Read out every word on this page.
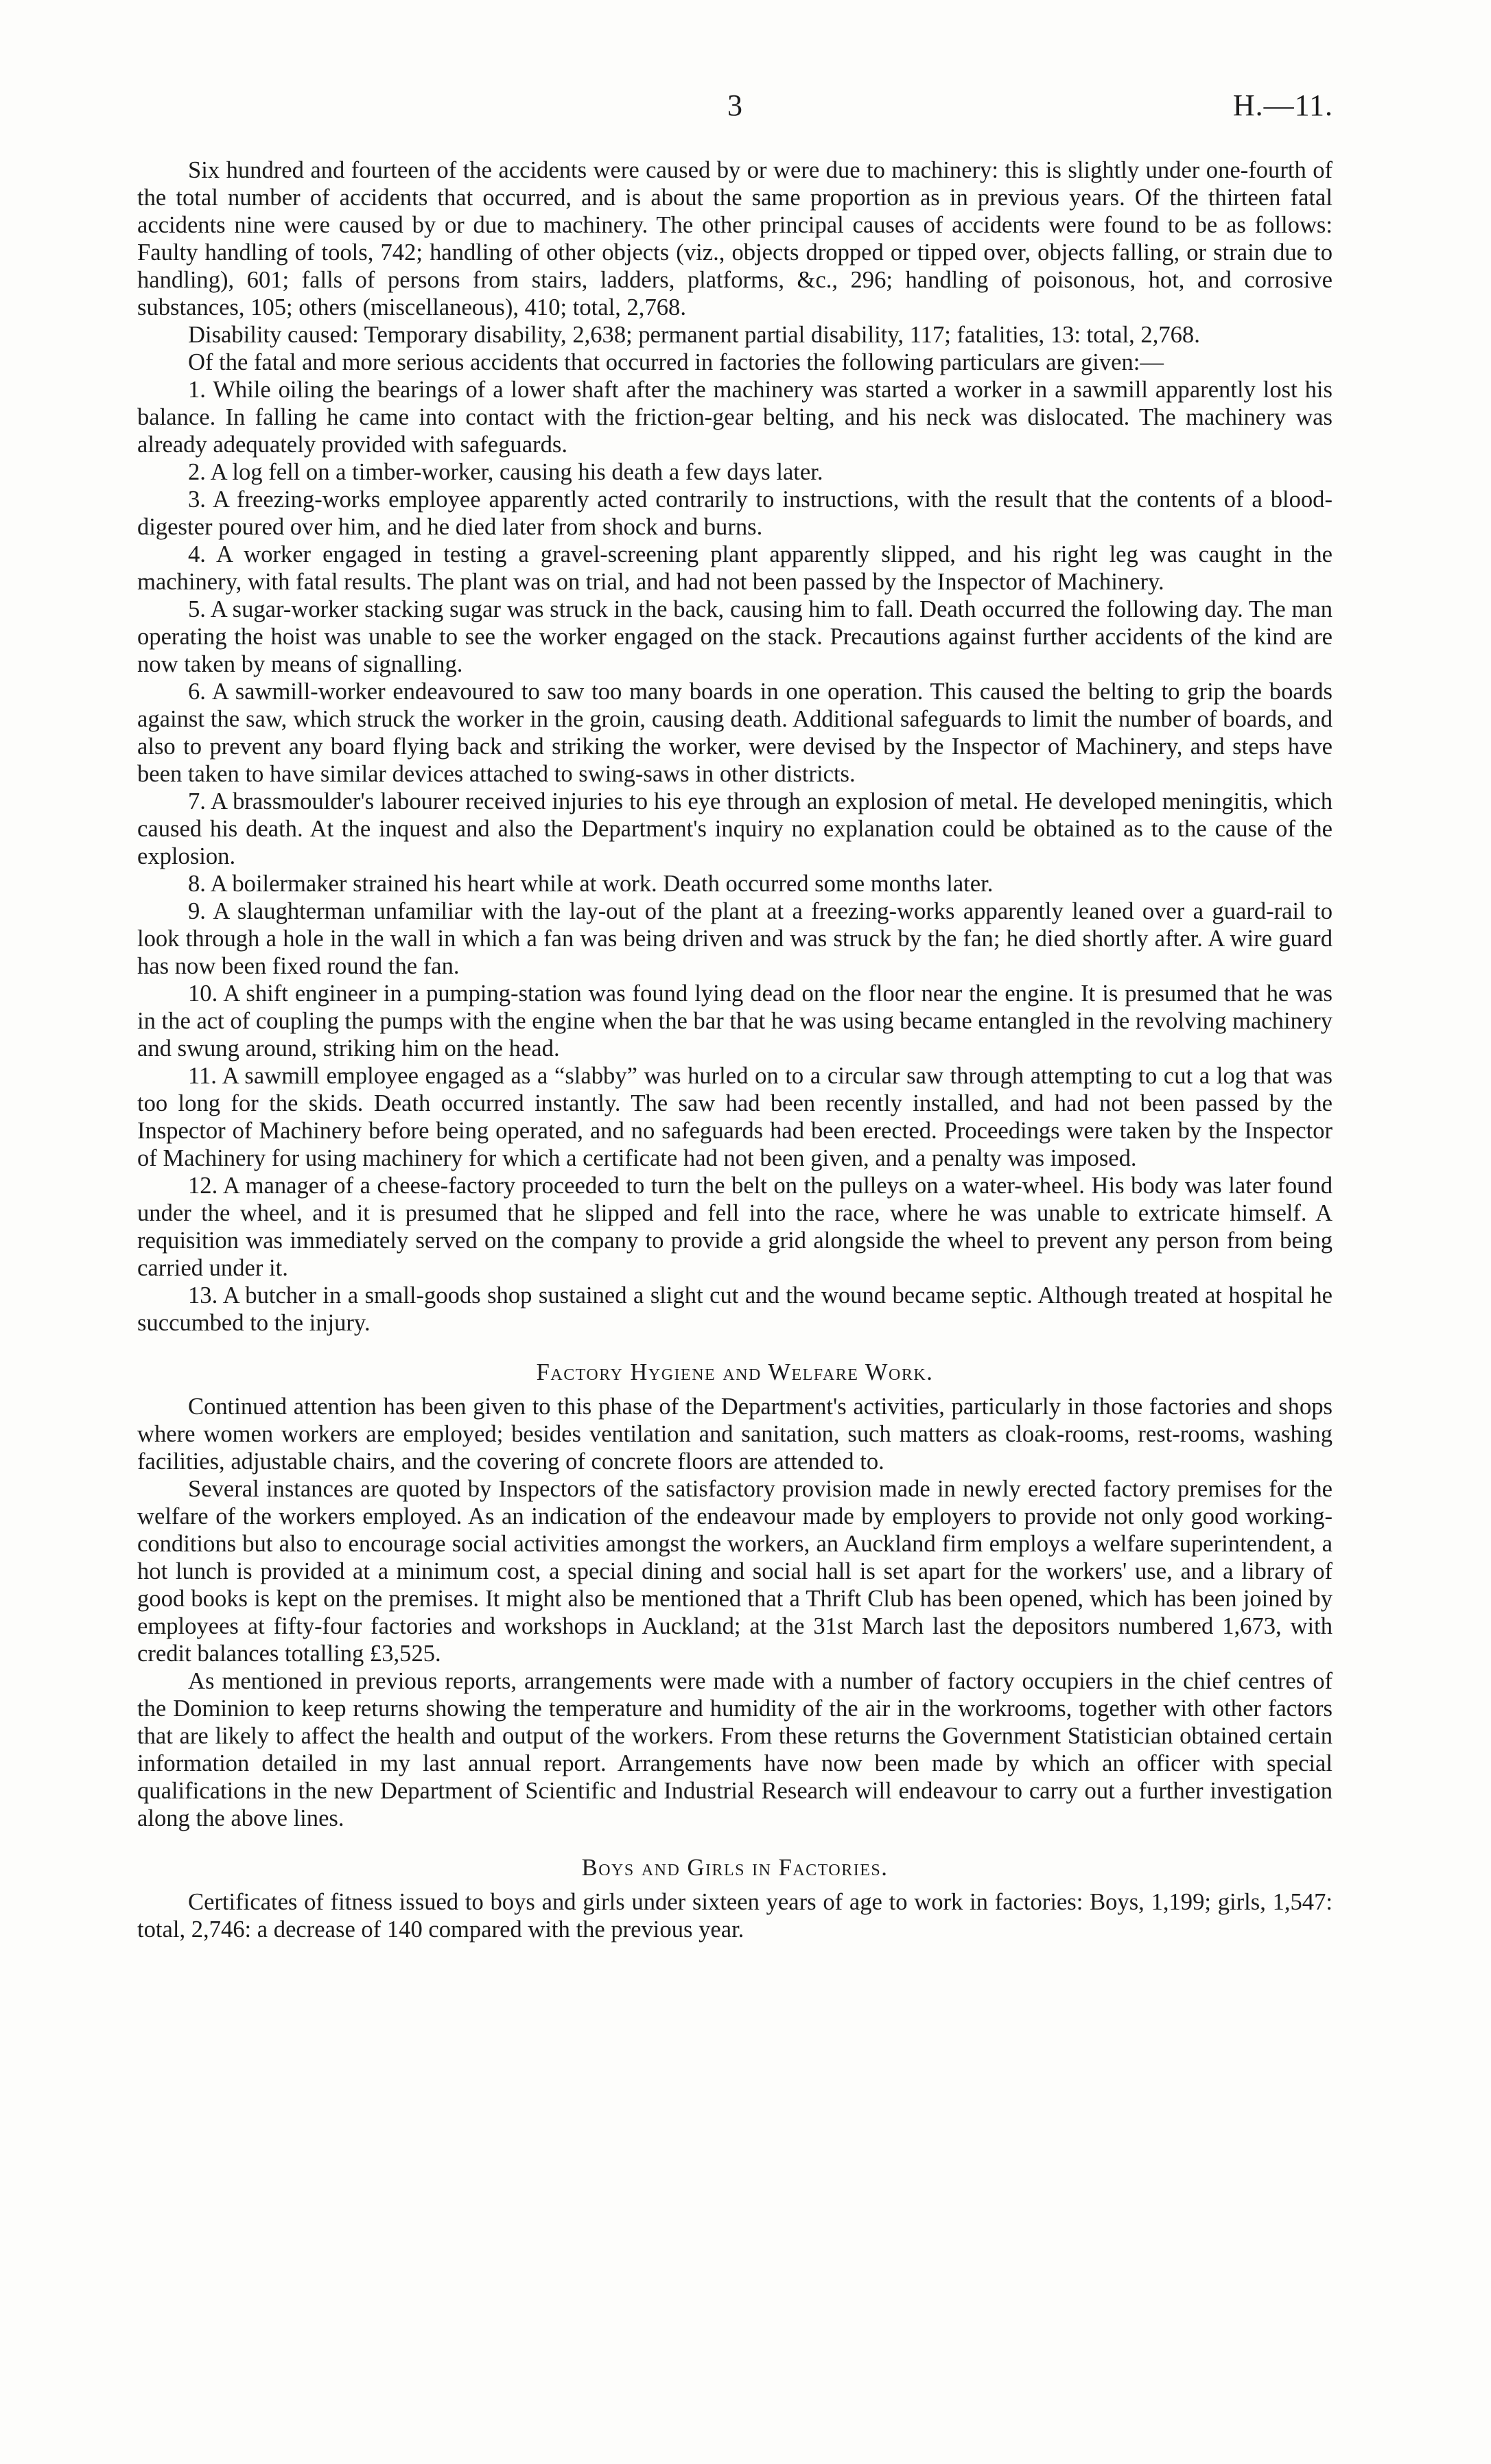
3	H.—11.

Six hundred and fourteen of the accidents were caused by or were due to machinery: this is slightly under one-fourth of the total number of accidents that occurred, and is about the same proportion as in previous years. Of the thirteen fatal accidents nine were caused by or due to machinery. The other principal causes of accidents were found to be as follows: Faulty handling of tools, 742; handling of other objects (viz., objects dropped or tipped over, objects falling, or strain due to handling), 601; falls of persons from stairs, ladders, platforms, &c., 296; handling of poisonous, hot, and corrosive substances, 105; others (miscellaneous), 410; total, 2,768.

Disability caused: Temporary disability, 2,638; permanent partial disability, 117; fatalities, 13: total, 2,768.

Of the fatal and more serious accidents that occurred in factories the following particulars are given:—

1. While oiling the bearings of a lower shaft after the machinery was started a worker in a sawmill apparently lost his balance. In falling he came into contact with the friction-gear belting, and his neck was dislocated. The machinery was already adequately provided with safeguards.

2. A log fell on a timber-worker, causing his death a few days later.

3. A freezing-works employee apparently acted contrarily to instructions, with the result that the contents of a blood-digester poured over him, and he died later from shock and burns.

4. A worker engaged in testing a gravel-screening plant apparently slipped, and his right leg was caught in the machinery, with fatal results. The plant was on trial, and had not been passed by the Inspector of Machinery.

5. A sugar-worker stacking sugar was struck in the back, causing him to fall. Death occurred the following day. The man operating the hoist was unable to see the worker engaged on the stack. Precautions against further accidents of the kind are now taken by means of signalling.

6. A sawmill-worker endeavoured to saw too many boards in one operation. This caused the belting to grip the boards against the saw, which struck the worker in the groin, causing death. Additional safeguards to limit the number of boards, and also to prevent any board flying back and striking the worker, were devised by the Inspector of Machinery, and steps have been taken to have similar devices attached to swing-saws in other districts.

7. A brassmoulder's labourer received injuries to his eye through an explosion of metal. He developed meningitis, which caused his death. At the inquest and also the Department's inquiry no explanation could be obtained as to the cause of the explosion.

8. A boilermaker strained his heart while at work. Death occurred some months later.

9. A slaughterman unfamiliar with the lay-out of the plant at a freezing-works apparently leaned over a guard-rail to look through a hole in the wall in which a fan was being driven and was struck by the fan; he died shortly after. A wire guard has now been fixed round the fan.

10. A shift engineer in a pumping-station was found lying dead on the floor near the engine. It is presumed that he was in the act of coupling the pumps with the engine when the bar that he was using became entangled in the revolving machinery and swung around, striking him on the head.

11. A sawmill employee engaged as a “slabby” was hurled on to a circular saw through attempting to cut a log that was too long for the skids. Death occurred instantly. The saw had been recently installed, and had not been passed by the Inspector of Machinery before being operated, and no safeguards had been erected. Proceedings were taken by the Inspector of Machinery for using machinery for which a certificate had not been given, and a penalty was imposed.

12. A manager of a cheese-factory proceeded to turn the belt on the pulleys on a water-wheel. His body was later found under the wheel, and it is presumed that he slipped and fell into the race, where he was unable to extricate himself. A requisition was immediately served on the company to provide a grid alongside the wheel to prevent any person from being carried under it.

13. A butcher in a small-goods shop sustained a slight cut and the wound became septic. Although treated at hospital he succumbed to the injury.

Factory Hygiene and Welfare Work.

Continued attention has been given to this phase of the Department's activities, particularly in those factories and shops where women workers are employed; besides ventilation and sanitation, such matters as cloak-rooms, rest-rooms, washing facilities, adjustable chairs, and the covering of concrete floors are attended to.

Several instances are quoted by Inspectors of the satisfactory provision made in newly erected factory premises for the welfare of the workers employed. As an indication of the endeavour made by employers to provide not only good working-conditions but also to encourage social activities amongst the workers, an Auckland firm employs a welfare superintendent, a hot lunch is provided at a minimum cost, a special dining and social hall is set apart for the workers' use, and a library of good books is kept on the premises. It might also be mentioned that a Thrift Club has been opened, which has been joined by employees at fifty-four factories and workshops in Auckland; at the 31st March last the depositors numbered 1,673, with credit balances totalling £3,525.

As mentioned in previous reports, arrangements were made with a number of factory occupiers in the chief centres of the Dominion to keep returns showing the temperature and humidity of the air in the workrooms, together with other factors that are likely to affect the health and output of the workers. From these returns the Government Statistician obtained certain information detailed in my last annual report. Arrangements have now been made by which an officer with special qualifications in the new Department of Scientific and Industrial Research will endeavour to carry out a further investigation along the above lines.

Boys and Girls in Factories.

Certificates of fitness issued to boys and girls under sixteen years of age to work in factories: Boys, 1,199; girls, 1,547: total, 2,746: a decrease of 140 compared with the previous year.
